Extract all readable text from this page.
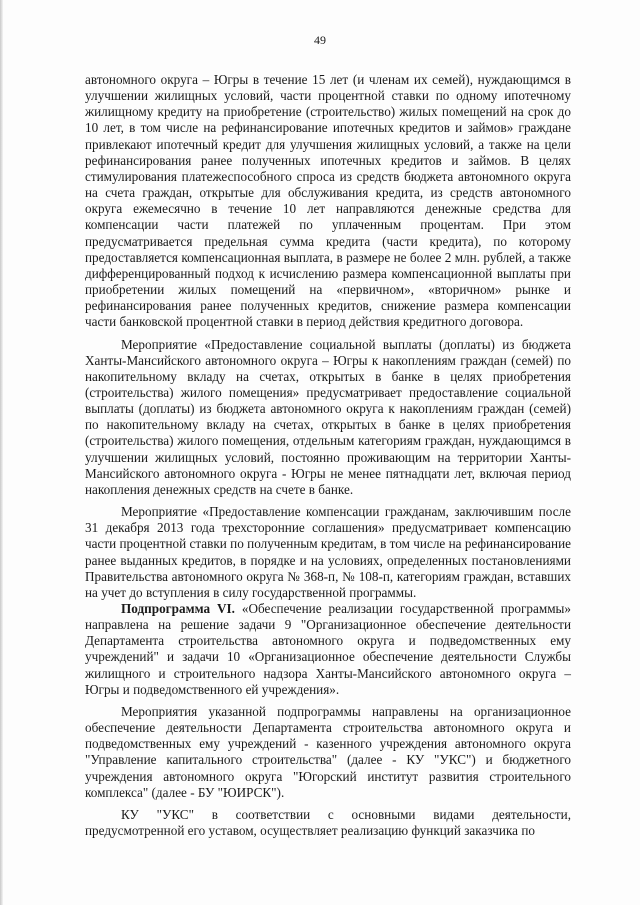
49

автономного округа – Югры в течение 15 лет (и членам их семей), нуждающимся в улучшении жилищных условий, части процентной ставки по одному ипотечному жилищному кредиту на приобретение (строительство) жилых помещений на срок до 10 лет, в том числе на рефинансирование ипотечных кредитов и займов» граждане привлекают ипотечный кредит для улучшения жилищных условий, а также на цели рефинансирования ранее полученных ипотечных кредитов и займов. В целях стимулирования платежеспособного спроса из средств бюджета автономного округа на счета граждан, открытые для обслуживания кредита, из средств автономного округа ежемесячно в течение 10 лет направляются денежные средства для компенсации части платежей по уплаченным процентам. При этом предусматривается предельная сумма кредита (части кредита), по которому предоставляется компенсационная выплата, в размере не более 2 млн. рублей, а также дифференцированный подход к исчислению размера компенсационной выплаты при приобретении жилых помещений на «первичном», «вторичном» рынке и рефинансирования ранее полученных кредитов, снижение размера компенсации части банковской процентной ставки в период действия кредитного договора.

Мероприятие «Предоставление социальной выплаты (доплаты) из бюджета Ханты-Мансийского автономного округа – Югры к накоплениям граждан (семей) по накопительному вкладу на счетах, открытых в банке в целях приобретения (строительства) жилого помещения» предусматривает предоставление социальной выплаты (доплаты) из бюджета автономного округа к накоплениям граждан (семей) по накопительному вкладу на счетах, открытых в банке в целях приобретения (строительства) жилого помещения, отдельным категориям граждан, нуждающимся в улучшении жилищных условий, постоянно проживающим на территории Ханты-Мансийского автономного округа - Югры не менее пятнадцати лет, включая период накопления денежных средств на счете в банке.

Мероприятие «Предоставление компенсации гражданам, заключившим после 31 декабря 2013 года трехсторонние соглашения» предусматривает компенсацию части процентной ставки по полученным кредитам, в том числе на рефинансирование ранее выданных кредитов, в порядке и на условиях, определенных постановлениями Правительства автономного округа № 368-п, № 108-п, категориям граждан, вставших на учет до вступления в силу государственной программы.

Подпрограмма VI. «Обеспечение реализации государственной программы» направлена на решение задачи 9 "Организационное обеспечение деятельности Департамента строительства автономного округа и подведомственных ему учреждений" и задачи 10 «Организационное обеспечение деятельности Службы жилищного и строительного надзора Ханты-Мансийского автономного округа – Югры и подведомственного ей учреждения».

Мероприятия указанной подпрограммы направлены на организационное обеспечение деятельности Департамента строительства автономного округа и подведомственных ему учреждений - казенного учреждения автономного округа "Управление капитального строительства" (далее - КУ "УКС") и бюджетного учреждения автономного округа "Югорский институт развития строительного комплекса" (далее - БУ "ЮИРСК").

КУ "УКС" в соответствии с основными видами деятельности, предусмотренной его уставом, осуществляет реализацию функций заказчика по
